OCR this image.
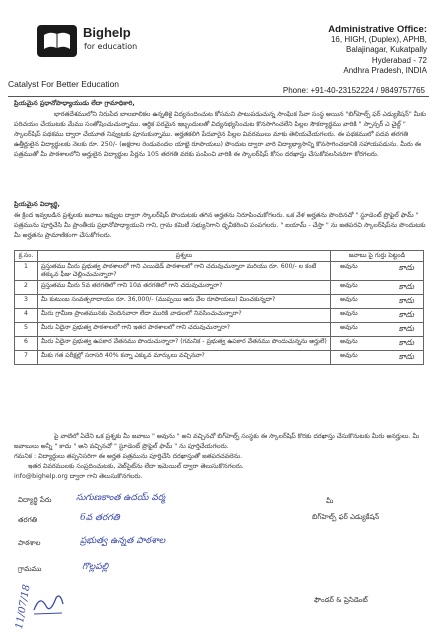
Bighelp
for education
Catalyst For Better Education
Administrative Office:
16, HIGH, (Duplex), APHB,
Balajinagar, Kukatpally
Hyderabad - 72
Andhra Pradesh, INDIA
Phone: +91-40-23152224 / 9849757765
ప్రియమైన ప్రధానోపాధ్యాయుడు లేదా గ్రామాధికారి,
భారతదేశములోని నిరుపేద బాలబాలికల ఉన్నతికై విద్యనందించుట కోసమని పాటుపడుచున్న సాంఘిక సేవా సంస్థ అయిన "బిగ్‌హెల్ప్ ఫర్ ఎడ్యుకేషన్" మీకు పరిచయం చేయుటకు మేము సంతోషించుచున్నాము. ఆర్థిక పరమైన ఇబ్బందులతో విద్యనభ్యసించుట కొనసాగించలేని పిల్లల సౌకర్యార్థము వారికి " స్పాన్సర్ ఎ చైల్డ్ " స్కాలర్‌షిప్ పథకము ద్వారా చేయూత నివ్వుటకు పూనుకున్నాము. అర్హతకలిగి పేదవారైన పిల్లల వివరములు మాకు తెలియచేయగలరు. ఈ పథకములో పదవ తరగతి ఉత్తీర్ణులైన విద్యార్థులకు నెలకు రూ. 250/- (అక్షరాల రెండువందల యాభై రూపాయలు) పొందుట ద్వారా వారి విద్యాభ్యాసాన్ని కొనసాగించడానికి సహాయపడును. మీరు ఈ పత్రముతో మీ పాఠశాలలోని అర్హులైన విద్యార్థుల పేర్లను 105 తరగతి వరకు పంపించి వారికి ఈ స్కాలర్‌షిప్ కోసం దరఖాస్తు చేసుకోవలసినదిగా కోరగలరు.
ప్రియమైన విద్యార్థి,
ఈ క్రింద ఇవ్వబడిన ప్రశ్నలకు జవాబు ఇవ్వుట ద్వారా స్కాలర్‌షిప్ పొందుటకు తగిన అర్హతను నిరూపించుకోగలరు. ఒక వేళ అర్హతను పొందినచో " స్టూడెంట్ ప్రొఫైల్ ఫామ్ " పత్రమును పూర్తిచేసి మీ ప్రాంతీయ ప్రధానోపాధ్యాయుని గాని, గ్రామ కమిటీ సభ్యునిగాని ధృవీకరించి పంపగలరు. " ఐయామ్ - చేస్తా " ను జతపరచి స్కాలర్‌షిప్‌ను పొందుటకు మీ అర్హతను ప్రామాణికంగా చేసుకోగలరు.
క్ర.సం.	ప్రశ్నలు	జవాబు పై గుర్తు పెట్టండి
1	ప్రస్తుతము మీరు ప్రభుత్వ పాఠశాలలో గాని ఎయిడెడ్ పాఠశాలలో గాని చదువుచున్నారా మరియు రూ. 600/- ల కంటే తక్కువ ఫీజు చెల్లించుచున్నారా?	అవును కాదు

2	ప్రస్తుతము మీరు 5వ తరగతిలో గాని 10వ తరగతిలో గాని చదువుచున్నారా?	అవును కాదు

3	మీ కుటుంబ సంవత్సరాదాయం రూ. 36,000/- (ముప్పయి ఆరు వేల రూపాయలు) మించకున్నదా?	అవును కాదు

4	మీరు గ్రామీణ ప్రాంతమునకు చెందినవారా లేదా మురికి వాడలలో నివసించుచున్నారా?	అవును కాదు

5	మీరు ఏదైనా ప్రభుత్వ పాఠశాలలో గాని ఇతర పాఠశాలలో గాని చదువుచున్నారా?	అవును కాదు

6	మీరు ఏదైనా ప్రభుత్వ ఉపకార వేతనము పొందుచున్నారా? (గమనిక - ప్రభుత్వ ఉపకార వేతనము పొందుచున్నను అర్హులే)	అవును కాదు

7	మీకు గత పరీక్షల్లో సరాసరి 40% కన్నా ఎక్కువ మార్కులు వచ్చినవా?	అవును కాదు
పై వాటిలో ఏదేని ఒక ప్రశ్నకు మీ జవాబు " అవును " అని వచ్చినచో బిగ్‌హెల్ప్ సంస్థకు ఈ స్కాలర్‌షిప్ కొరకు దరఖాస్తు చేసుకొనుటకు మీరు అనర్హులు. మీ జవాబులు అన్నీ " కాదు " అని వచ్చినచో " స్టూడెంట్ ప్రొఫైల్ ఫామ్ " ను పూర్తిచేయగలరు.
గమనిక : విద్యార్థులు తప్పనిసరిగా ఈ అర్హత పత్రమును పూర్తిచేసి దరఖాస్తుతో జతపరచవలెను.
ఇతర వివరములకు సంప్రదించుటకు, వెబ్‌సైట్‌ను లేదా ఇమెయిల్ ద్వారా తెలుసుకొనగలరు.
info@bighelp.org ద్వారా గాని తెలుసుకొనగలరు.
విద్యార్థి పేరు	సుగుణకాంత ఉదయ్ వర్మ
తరగతి	6వ తరగతి
పాఠశాల	ప్రభుత్వ ఉన్నత పాఠశాల
గ్రామము	గొల్లపల్లి
మీ
బిగ్‌హెల్ప్ ఫర్ ఎడ్యుకేషన్
ఫౌండర్ & ప్రెసిడెంట్
11/07/18
